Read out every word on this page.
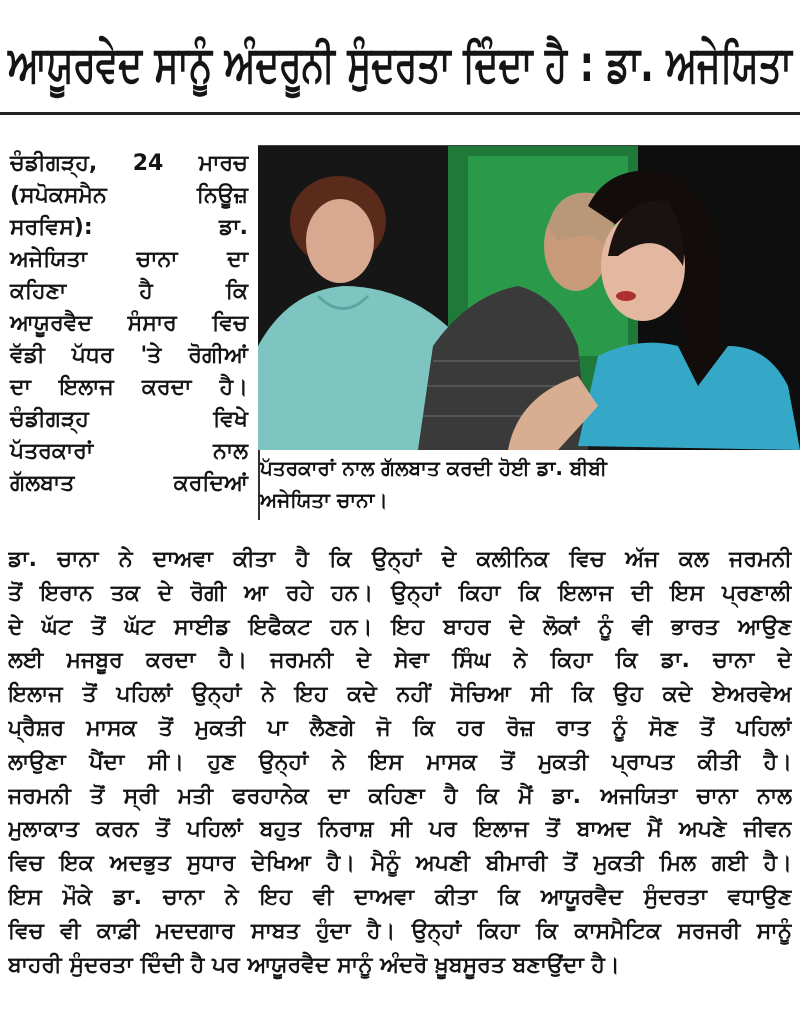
ਆਯੂਰਵੇਦ ਸਾਨੂੰ ਅੰਦਰੂਨੀ ਸੁੰਦਰਤਾ ਦਿੰਦਾ ਹੈ : ਡਾ. ਅਜੇਯਿਤਾ

ਚੰਡੀਗੜ੍ਹ, 24 ਮਾਰਚ

(ਸਪੋਕਸਮੈਨ ਨਿਊਜ਼

ਸਰਵਿਸ): ਡਾ.

ਅਜੇਯਿਤਾ ਚਾਨਾ ਦਾ

ਕਹਿਣਾ ਹੈ ਕਿ

ਆਯੂਰਵੈਦ ਸੰਸਾਰ ਵਿਚ

ਵੱਡੀ ਪੱਧਰ 'ਤੇ ਰੋਗੀਆਂ

ਦਾ ਇਲਾਜ ਕਰਦਾ ਹੈ।

ਚੰਡੀਗੜ੍ਹ ਵਿਖੇ

ਪੱਤਰਕਾਰਾਂ ਨਾਲ

ਗੱਲਬਾਤ ਕਰਦਿਆਂ

ਪੱਤਰਕਾਰਾਂ ਨਾਲ ਗੱਲਬਾਤ ਕਰਦੀ ਹੋਈ ਡਾ. ਬੀਬੀ
ਅਜੇਯਿਤਾ ਚਾਨਾ।
ਡਾ. ਚਾਨਾ ਨੇ ਦਾਅਵਾ ਕੀਤਾ ਹੈ ਕਿ ਉਨ੍ਹਾਂ ਦੇ ਕਲੀਨਿਕ ਵਿਚ ਅੱਜ ਕਲ ਜਰਮਨੀ
ਤੋਂ ਇਰਾਨ ਤਕ ਦੇ ਰੋਗੀ ਆ ਰਹੇ ਹਨ। ਉਨ੍ਹਾਂ ਕਿਹਾ ਕਿ ਇਲਾਜ ਦੀ ਇਸ ਪ੍ਰਣਾਲੀ
ਦੇ ਘੱਟ ਤੋਂ ਘੱਟ ਸਾਈਡ ਇਫੈਕਟ ਹਨ। ਇਹ ਬਾਹਰ ਦੇ ਲੋਕਾਂ ਨੂੰ ਵੀ ਭਾਰਤ ਆਉਣ
ਲਈ ਮਜਬੂਰ ਕਰਦਾ ਹੈ। ਜਰਮਨੀ ਦੇ ਸੇਵਾ ਸਿੰਘ ਨੇ ਕਿਹਾ ਕਿ ਡਾ. ਚਾਨਾ ਦੇ
ਇਲਾਜ ਤੋਂ ਪਹਿਲਾਂ ਉਨ੍ਹਾਂ ਨੇ ਇਹ ਕਦੇ ਨਹੀਂ ਸੋਚਿਆ ਸੀ ਕਿ ਉਹ ਕਦੇ ਏਅਰਵੇਅ
ਪ੍ਰੈਸ਼ਰ ਮਾਸਕ ਤੋਂ ਮੁਕਤੀ ਪਾ ਲੈਣਗੇ ਜੋ ਕਿ ਹਰ ਰੋਜ਼ ਰਾਤ ਨੂੰ ਸੋਣ ਤੋਂ ਪਹਿਲਾਂ
ਲਾਉਣਾ ਪੈਂਦਾ ਸੀ। ਹੁਣ ਉਨ੍ਹਾਂ ਨੇ ਇਸ ਮਾਸਕ ਤੋਂ ਮੁਕਤੀ ਪ੍ਰਾਪਤ ਕੀਤੀ ਹੈ।
ਜਰਮਨੀ ਤੋਂ ਸ੍ਰੀ ਮਤੀ ਫਰਹਾਨੇਕ ਦਾ ਕਹਿਣਾ ਹੈ ਕਿ ਮੈਂ ਡਾ. ਅਜਯਿਤਾ ਚਾਨਾ ਨਾਲ
ਮੁਲਾਕਾਤ ਕਰਨ ਤੋਂ ਪਹਿਲਾਂ ਬਹੁਤ ਨਿਰਾਸ਼ ਸੀ ਪਰ ਇਲਾਜ ਤੋਂ ਬਾਅਦ ਮੈਂ ਅਪਣੇ ਜੀਵਨ
ਵਿਚ ਇਕ ਅਦਭੁਤ ਸੁਧਾਰ ਦੇਖਿਆ ਹੈ। ਮੈਨੂੰ ਅਪਣੀ ਬੀਮਾਰੀ ਤੋਂ ਮੁਕਤੀ ਮਿਲ ਗਈ ਹੈ।
ਇਸ ਮੌਕੇ ਡਾ. ਚਾਨਾ ਨੇ ਇਹ ਵੀ ਦਾਅਵਾ ਕੀਤਾ ਕਿ ਆਯੂਰਵੈਦ ਸੁੰਦਰਤਾ ਵਧਾਉਣ
ਵਿਚ ਵੀ ਕਾਫ਼ੀ ਮਦਦਗਾਰ ਸਾਬਤ ਹੁੰਦਾ ਹੈ। ਉਨ੍ਹਾਂ ਕਿਹਾ ਕਿ ਕਾਸਮੈਟਿਕ ਸਰਜਰੀ ਸਾਨੂੰ
ਬਾਹਰੀ ਸੁੰਦਰਤਾ ਦਿੰਦੀ ਹੈ ਪਰ ਆਯੂਰਵੈਦ ਸਾਨੂੰ ਅੰਦਰੋ ਖ਼ੂਬਸੂਰਤ ਬਣਾਉਂਦਾ ਹੈ।
